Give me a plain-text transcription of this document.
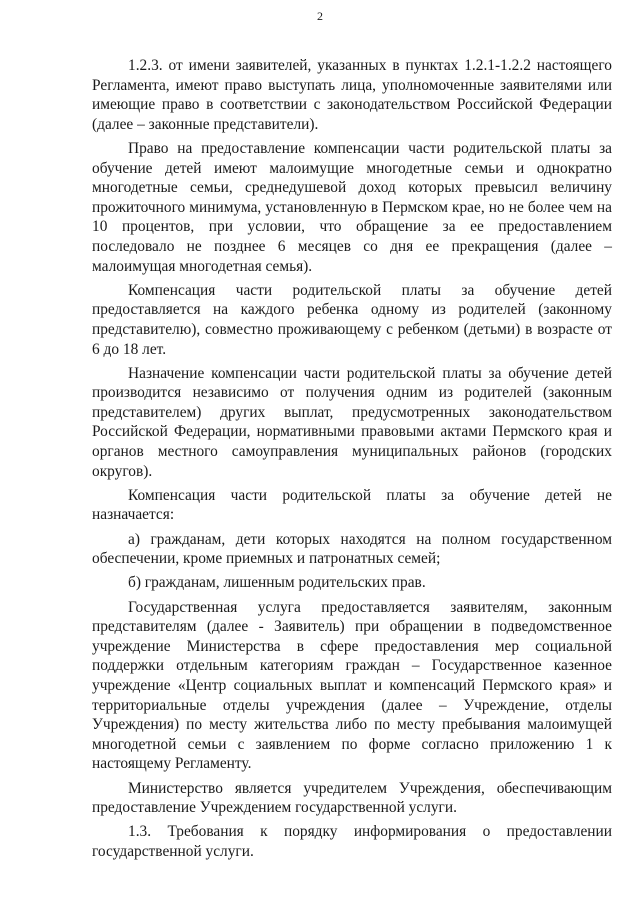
2

1.2.3. от имени заявителей, указанных в пунктах 1.2.1-1.2.2 настоящего Регламента, имеют право выступать лица, уполномоченные заявителями или имеющие право в соответствии с законодательством Российской Федерации (далее – законные представители).

Право на предоставление компенсации части родительской платы за обучение детей имеют малоимущие многодетные семьи и однократно многодетные семьи, среднедушевой доход которых превысил величину прожиточного минимума, установленную в Пермском крае, но не более чем на 10 процентов, при условии, что обращение за ее предоставлением последовало не позднее 6 месяцев со дня ее прекращения (далее – малоимущая многодетная семья).

Компенсация части родительской платы за обучение детей предоставляется на каждого ребенка одному из родителей (законному представителю), совместно проживающему с ребенком (детьми) в возрасте от 6 до 18 лет.

Назначение компенсации части родительской платы за обучение детей производится независимо от получения одним из родителей (законным представителем) других выплат, предусмотренных законодательством Российской Федерации, нормативными правовыми актами Пермского края и органов местного самоуправления муниципальных районов (городских округов).

Компенсация части родительской платы за обучение детей не назначается:

а) гражданам, дети которых находятся на полном государственном обеспечении, кроме приемных и патронатных семей;

б) гражданам, лишенным родительских прав.

Государственная услуга предоставляется заявителям, законным представителям (далее - Заявитель) при обращении в подведомственное учреждение Министерства в сфере предоставления мер социальной поддержки отдельным категориям граждан – Государственное казенное учреждение «Центр социальных выплат и компенсаций Пермского края» и территориальные отделы учреждения (далее – Учреждение, отделы Учреждения) по месту жительства либо по месту пребывания малоимущей многодетной семьи с заявлением по форме согласно приложению 1 к настоящему Регламенту.

Министерство является учредителем Учреждения, обеспечивающим предоставление Учреждением государственной услуги.

1.3. Требования к порядку информирования о предоставлении государственной услуги.
